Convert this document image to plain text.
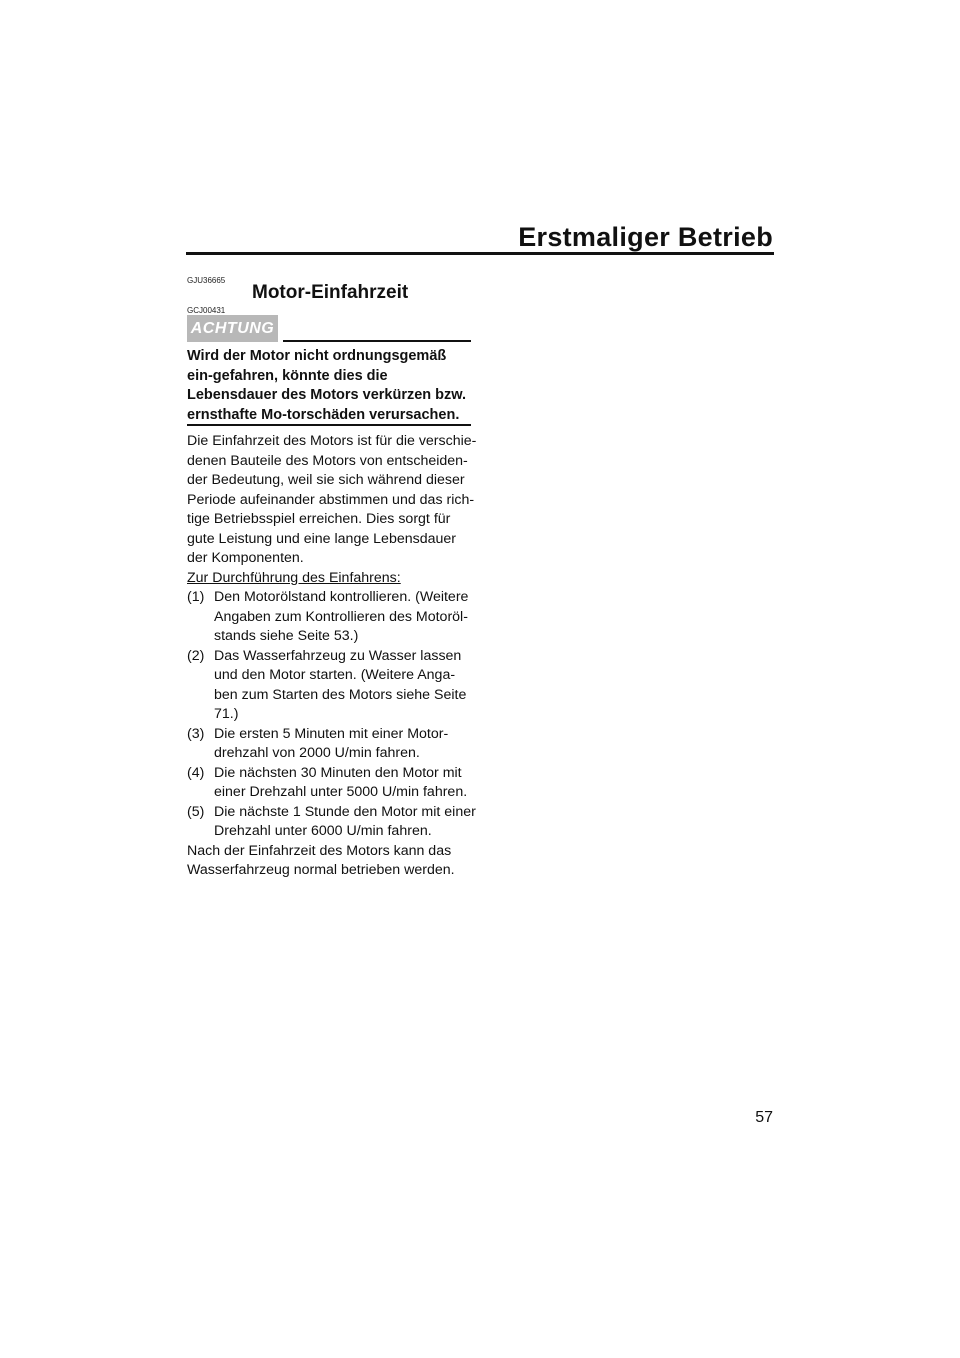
Erstmaliger Betrieb
GJU36665
Motor-Einfahrzeit
GCJ00431
ACHTUNG
Wird der Motor nicht ordnungsgemäß ein-gefahren, könnte dies die Lebensdauer des Motors verkürzen bzw. ernsthafte Mo-torschäden verursachen.

Die Einfahrzeit des Motors ist für die verschie-denen Bauteile des Motors von entscheiden-der Bedeutung, weil sie sich während dieser Periode aufeinander abstimmen und das rich-tige Betriebsspiel erreichen. Dies sorgt für gute Leistung und eine lange Lebensdauer der Komponenten.

Zur Durchführung des Einfahrens:

(1) Den Motorölstand kontrollieren. (Weitere Angaben zum Kontrollieren des Motoröl-stands siehe Seite 53.)
(2) Das Wasserfahrzeug zu Wasser lassen und den Motor starten. (Weitere Anga-ben zum Starten des Motors siehe Seite 71.)
(3) Die ersten 5 Minuten mit einer Motor-drehzahl von 2000 U/min fahren.
(4) Die nächsten 30 Minuten den Motor mit einer Drehzahl unter 5000 U/min fahren.
(5) Die nächste 1 Stunde den Motor mit einer Drehzahl unter 6000 U/min fahren.

Nach der Einfahrzeit des Motors kann das Wasserfahrzeug normal betrieben werden.

57
